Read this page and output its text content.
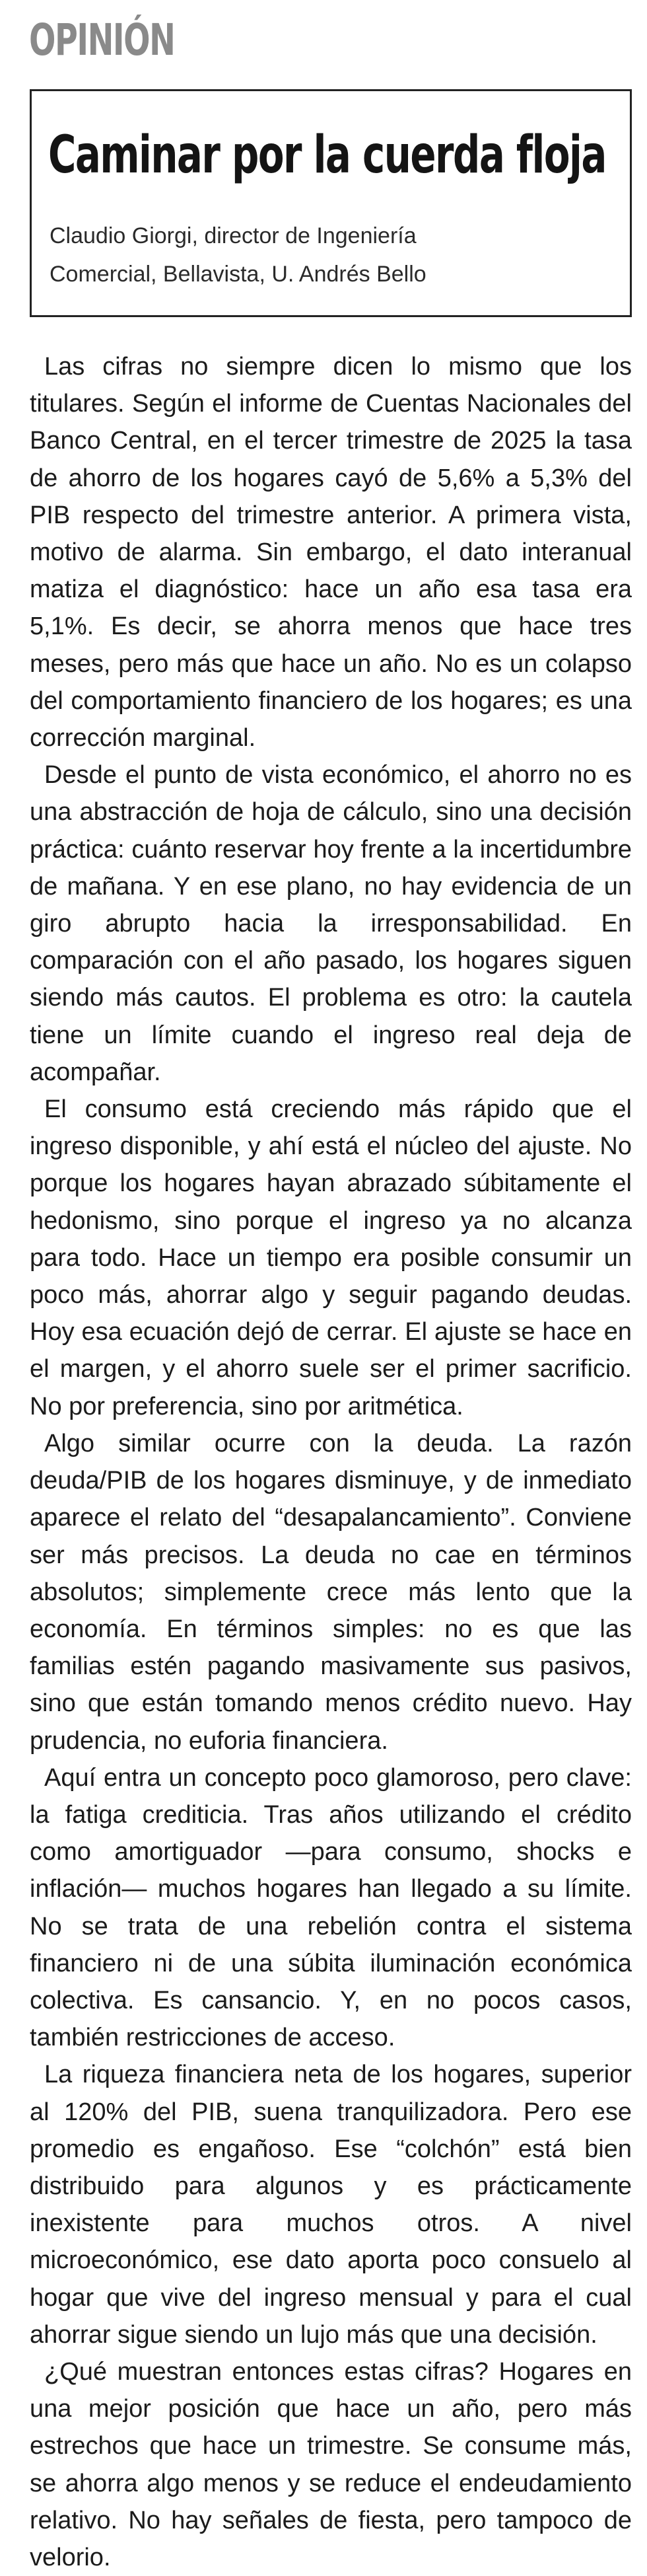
OPINIÓN
Caminar por la cuerda floja
Claudio Giorgi, director de Ingeniería
Comercial, Bellavista, U. Andrés Bello

Las cifras no siempre dicen lo mismo que los titulares. Según el informe de Cuentas Nacionales del Banco Central, en el tercer trimestre de 2025 la tasa de ahorro de los hogares cayó de 5,6% a 5,3% del PIB respecto del trimestre anterior. A primera vista, motivo de alarma. Sin embargo, el dato interanual matiza el diagnóstico: hace un año esa tasa era 5,1%. Es decir, se ahorra menos que hace tres meses, pero más que hace un año. No es un colapso del comportamiento financiero de los hogares; es una corrección marginal.

Desde el punto de vista económico, el ahorro no es una abstracción de hoja de cálculo, sino una decisión práctica: cuánto reservar hoy frente a la incertidumbre de mañana. Y en ese plano, no hay evidencia de un giro abrupto hacia la irresponsabilidad. En comparación con el año pasado, los hogares siguen siendo más cautos. El problema es otro: la cautela tiene un límite cuando el ingreso real deja de acompañar.

El consumo está creciendo más rápido que el ingreso disponible, y ahí está el núcleo del ajuste. No porque los hogares hayan abrazado súbitamente el hedonismo, sino porque el ingreso ya no alcanza para todo. Hace un tiempo era posible consumir un poco más, ahorrar algo y seguir pagando deudas. Hoy esa ecuación dejó de cerrar. El ajuste se hace en el margen, y el ahorro suele ser el primer sacrificio. No por preferencia, sino por aritmética.

Algo similar ocurre con la deuda. La razón deuda/PIB de los hogares disminuye, y de inmediato aparece el relato del “desapalancamiento”. Conviene ser más precisos. La deuda no cae en términos absolutos; simplemente crece más lento que la economía. En términos simples: no es que las familias estén pagando masivamente sus pasivos, sino que están tomando menos crédito nuevo. Hay prudencia, no euforia financiera.

Aquí entra un concepto poco glamoroso, pero clave: la fatiga crediticia. Tras años utilizando el crédito como amortiguador —para consumo, shocks e inflación— muchos hogares han llegado a su límite. No se trata de una rebelión contra el sistema financiero ni de una súbita iluminación económica colectiva. Es cansancio. Y, en no pocos casos, también restricciones de acceso.

La riqueza financiera neta de los hogares, superior al 120% del PIB, suena tranquilizadora. Pero ese promedio es engañoso. Ese “colchón” está bien distribuido para algunos y es prácticamente inexistente para muchos otros. A nivel microeconómico, ese dato aporta poco consuelo al hogar que vive del ingreso mensual y para el cual ahorrar sigue siendo un lujo más que una decisión.

¿Qué muestran entonces estas cifras? Hogares en una mejor posición que hace un año, pero más estrechos que hace un trimestre. Se consume más, se ahorra algo menos y se reduce el endeudamiento relativo. No hay señales de fiesta, pero tampoco de velorio.
